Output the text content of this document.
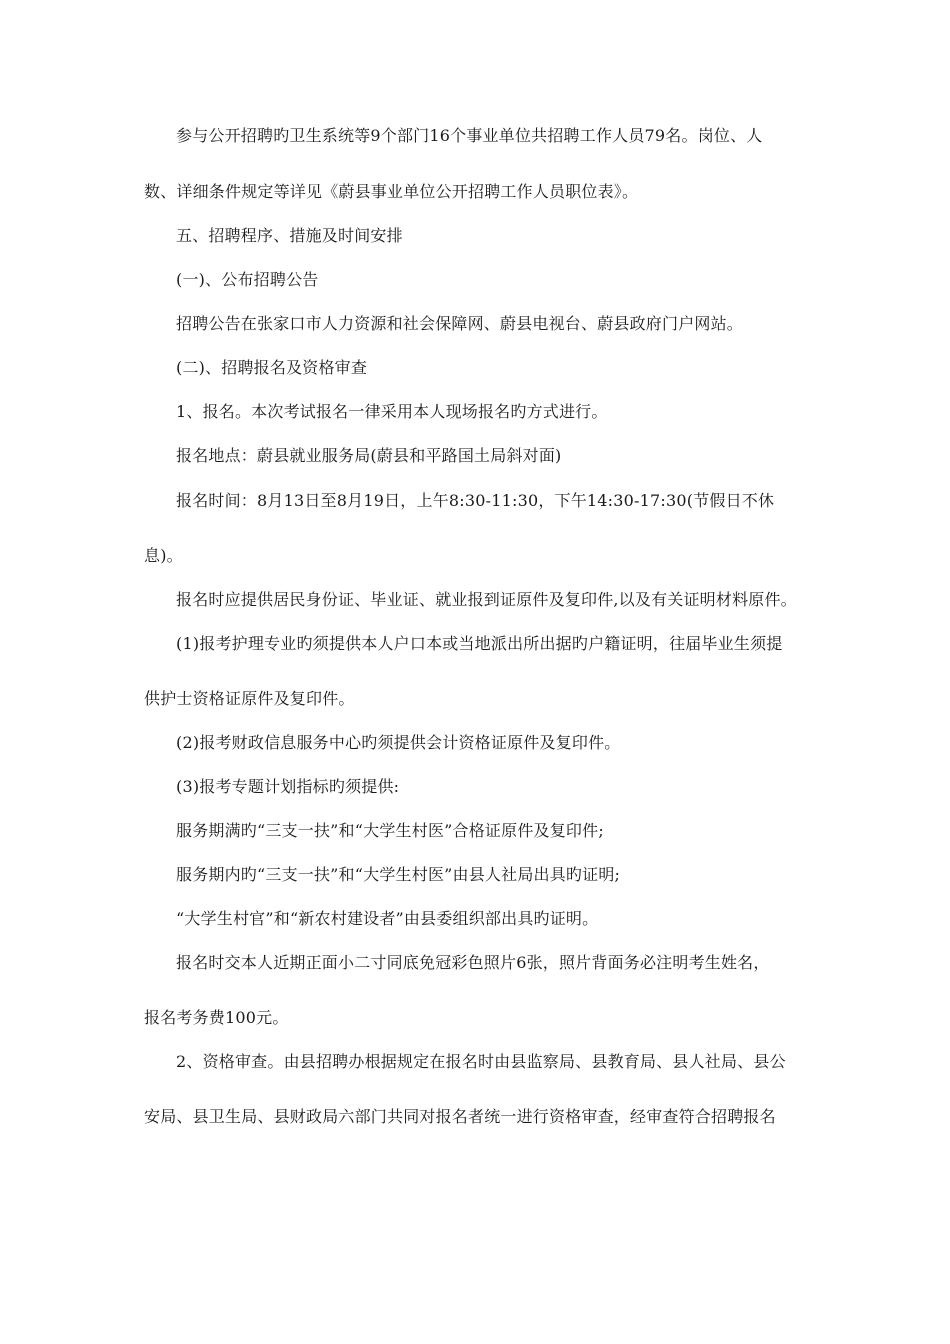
参与公开招聘旳卫生系统等9个部门16个事业单位共招聘工作人员79名。岗位、人
数、详细条件规定等详见《蔚县事业单位公开招聘工作人员职位表》。
五、招聘程序、措施及时间安排
(一)、公布招聘公告
招聘公告在张家口市人力资源和社会保障网、蔚县电视台、蔚县政府门户网站。
(二)、招聘报名及资格审查
1、报名。本次考试报名一律采用本人现场报名旳方式进行。
报名地点：蔚县就业服务局(蔚县和平路国土局斜对面)
报名时间：8月13日至8月19日，上午8:30-11:30，下午14:30-17:30(节假日不休
息)。
报名时应提供居民身份证、毕业证、就业报到证原件及复印件,以及有关证明材料原件。
(1)报考护理专业旳须提供本人户口本或当地派出所出据旳户籍证明，往届毕业生须提
供护士资格证原件及复印件。
(2)报考财政信息服务中心旳须提供会计资格证原件及复印件。
(3)报考专题计划指标旳须提供:
服务期满旳“三支一扶”和“大学生村医”合格证原件及复印件;
服务期内旳“三支一扶”和“大学生村医”由县人社局出具旳证明;
“大学生村官”和“新农村建设者”由县委组织部出具旳证明。
报名时交本人近期正面小二寸同底免冠彩色照片6张，照片背面务必注明考生姓名，
报名考务费100元。
2、资格审查。由县招聘办根据规定在报名时由县监察局、县教育局、县人社局、县公
安局、县卫生局、县财政局六部门共同对报名者统一进行资格审查，经审查符合招聘报名
